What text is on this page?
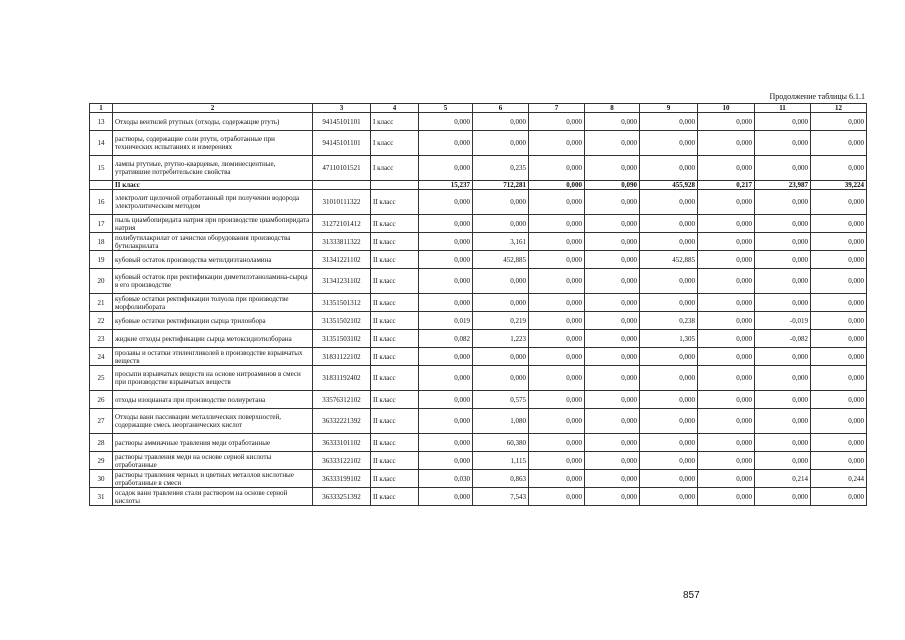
Продолжение таблицы 6.1.1
1	2	3	4	5	6	7	8	9	10	11	12
13	Отходы вентилей ртутных (отходы, содержащие ртуть)	94145101101	I класс	0,000	0,000	0,000	0,000	0,000	0,000	0,000	0,000
14	растворы, содержащие соли ртути, отработанные при технических испытаниях и измерениях	94145101101	I класс	0,000	0,000	0,000	0,000	0,000	0,000	0,000	0,000
15	лампы ртутные, ртутно-кварцевые, люминесцентные, утратившие потребительские свойства	47110101521	I класс	0,000	0,235	0,000	0,000	0,000	0,000	0,000	0,000
	II класс			15,237	712,281	0,000	0,090	455,928	0,217	23,987	39,224
16	электролит щелочной отработанный при получении водорода электролитическим методом	31010111322	II класс	0,000	0,000	0,000	0,000	0,000	0,000	0,000	0,000
17	пыль циамбопиридата натрия при производстве циамбопиридата натрия	31272101412	II класс	0,000	0,000	0,000	0,000	0,000	0,000	0,000	0,000
18	полибутилакрилат от зачистки оборудования производства бутилакрилата	31333811322	II класс	0,000	3,161	0,000	0,000	0,000	0,000	0,000	0,000
19	кубовый остаток производства метилдиэтаноламина	31341221102	II класс	0,000	452,885	0,000	0,000	452,885	0,000	0,000	0,000
20	кубовый остаток при ректификации диметилэтаноламина-сырца в его производстве	31341231102	II класс	0,000	0,000	0,000	0,000	0,000	0,000	0,000	0,000
21	кубовые остатки ректификации толуола при производстве морфолинбората	31351501312	II класс	0,000	0,000	0,000	0,000	0,000	0,000	0,000	0,000
22	кубовые остатки ректификации сырца трилонбора	31351502102	II класс	0,019	0,219	0,000	0,000	0,238	0,000	-0,019	0,000
23	жидкие отходы ректификации сырца метоксидиэтилборана	31351503102	II класс	0,082	1,223	0,000	0,000	1,305	0,000	-0,082	0,000
24	пролавы и остатки этиленгликолей в производстве взрывчатых веществ	31831122102	II класс	0,000	0,000	0,000	0,000	0,000	0,000	0,000	0,000
25	просыпи взрывчатых веществ на основе нитроаминов в смеси при производстве взрывчатых веществ	31831192402	II класс	0,000	0,000	0,000	0,000	0,000	0,000	0,000	0,000
26	отходы изоцианата при производстве полиуретана	33576312102	II класс	0,000	0,575	0,000	0,000	0,000	0,000	0,000	0,000
27	Отходы ванн пассивации металлических поверхностей, содержащие смесь неорганических кислот	36332221392	II класс	0,000	1,080	0,000	0,000	0,000	0,000	0,000	0,000
28	растворы аммиачные травления меди отработанные	36333101102	II класс	0,000	60,380	0,000	0,000	0,000	0,000	0,000	0,000
29	растворы травления меди на основе серной кислоты отработанные	36333122102	II класс	0,000	1,115	0,000	0,000	0,000	0,000	0,000	0,000
30	растворы травления черных и цветных металлов кислотные отработанные в смеси	36333199102	II класс	0,030	0,863	0,000	0,000	0,000	0,000	0,214	0,244
31	осадок ванн травления стали раствором на основе серной кислоты	36333251392	II класс	0,000	7,543	0,000	0,000	0,000	0,000	0,000	0,000
857
